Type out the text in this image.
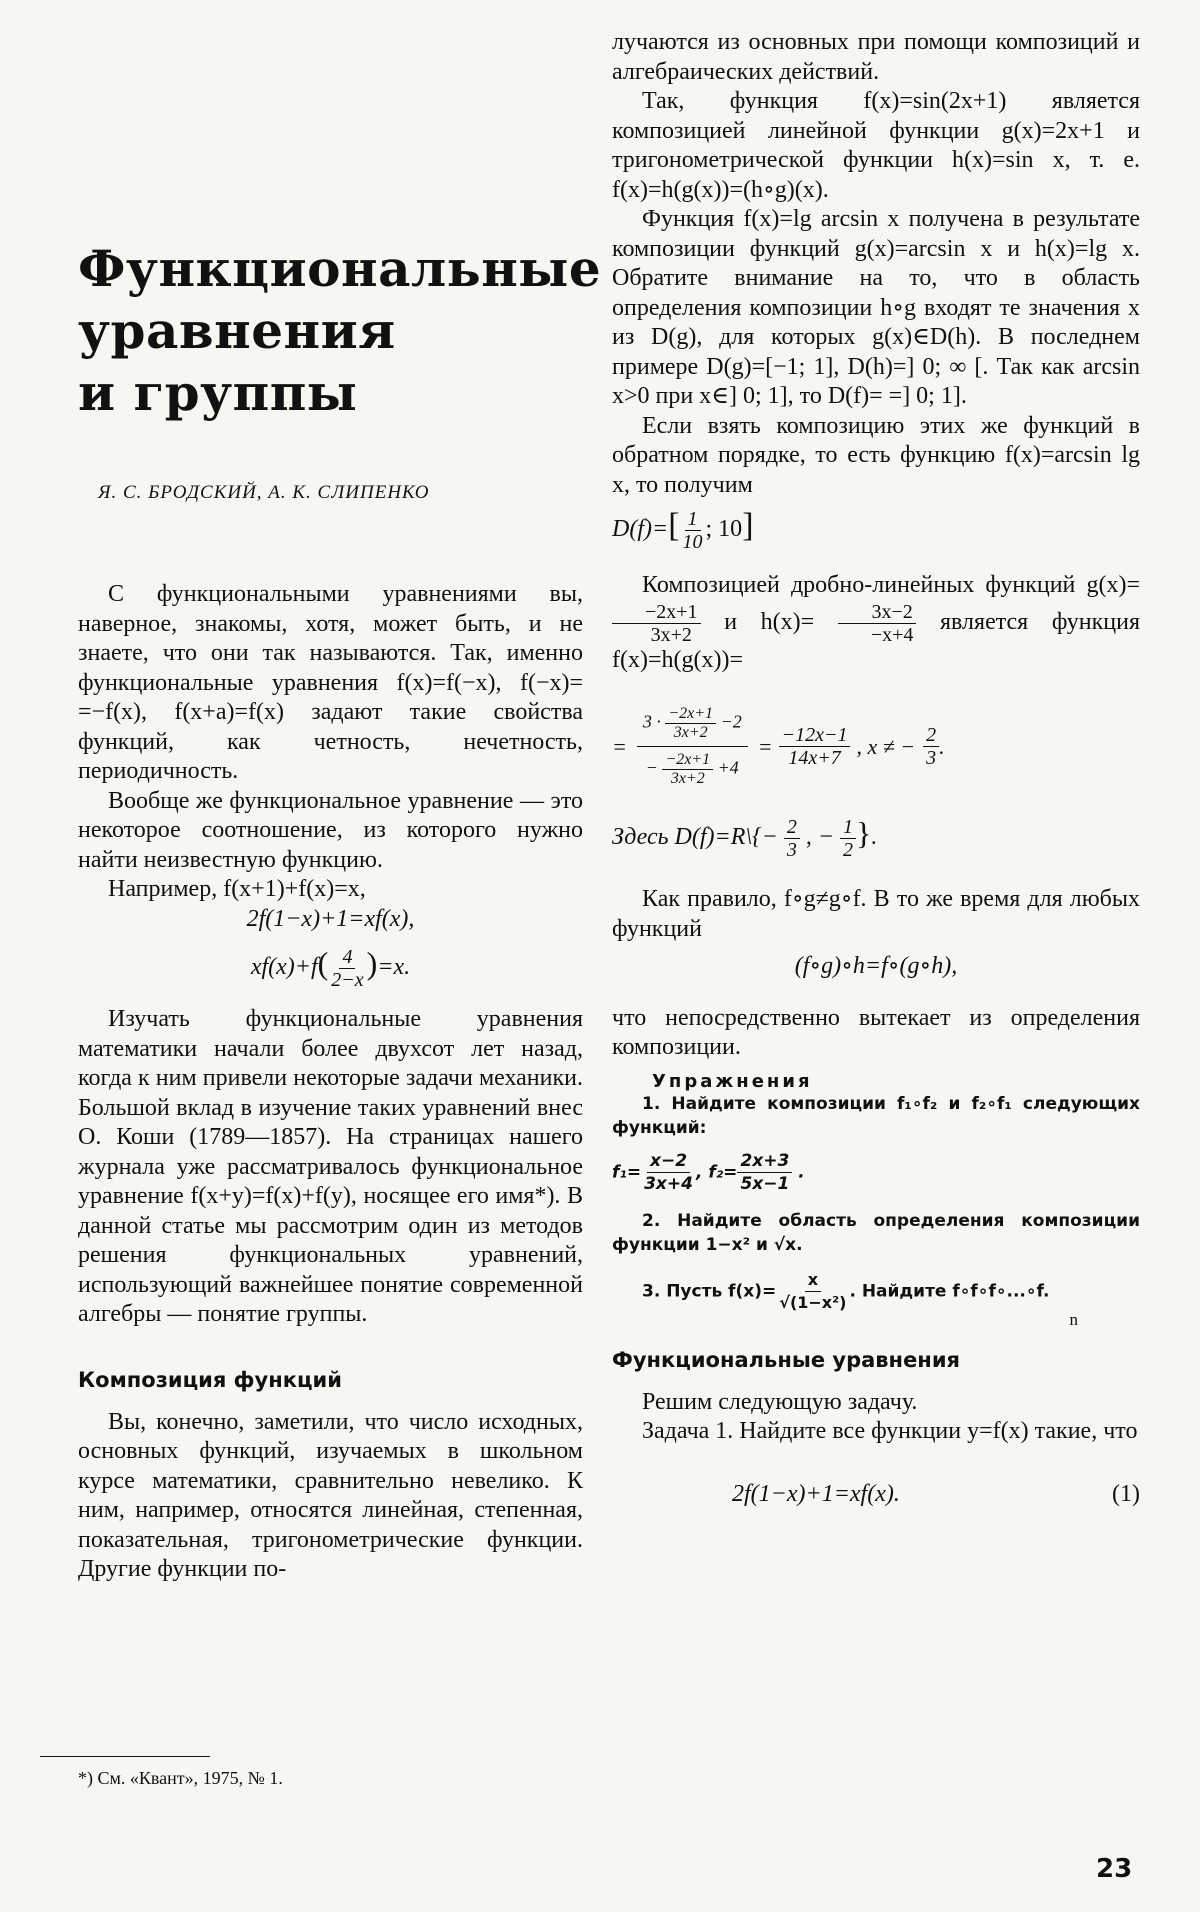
Функциональные
уравнения
и группы
Я. С. БРОДСКИЙ, А. К. СЛИПЕНКО

С функциональными уравнениями вы, наверное, знакомы, хотя, может быть, и не знаете, что они так называются. Так, именно функциональные уравнения f(x)=f(−x), f(−x)= =−f(x), f(x+a)=f(x) задают такие свойства функций, как четность, нечетность, периодичность.

Вообще же функциональное уравнение — это некоторое соотношение, из которого нужно найти неизвестную функцию.

Например, f(x+1)+f(x)=x,

2f(1−x)+1=xf(x),

$xf(x)+f( \frac{4}{2-x} )=x$.

Изучать функциональные уравнения математики начали более двухсот лет назад, когда к ним привели некоторые задачи механики. Большой вклад в изучение таких уравнений внес О. Коши (1789—1857). На страницах нашего журнала уже рассматривалось функциональное уравнение f(x+y)=f(x)+f(y), носящее его имя*). В данной статье мы рассмотрим один из методов решения функциональных уравнений, использующий важнейшее понятие современной алгебры — понятие группы.

Композиция функций

Вы, конечно, заметили, что число исходных, основных функций, изучаемых в школьном курсе математики, сравнительно невелико. К ним, например, относятся линейная, степенная, показательная, тригонометрические функции. Другие функции по-

*) См. «Квант», 1975, № 1.

лучаются из основных при помощи композиций и алгебраических действий.

Так, функция f(x)=sin(2x+1) является композицией линейной функции g(x)=2x+1 и тригонометрической функции h(x)=sin x, т. е. f(x)=h(g(x))=(h∘g)(x).

Функция f(x)=lg arcsin x получена в результате композиции функций g(x)=arcsin x и h(x)=lg x. Обратите внимание на то, что в область определения композиции h∘g входят те значения x из D(g), для которых g(x)∈D(h). В последнем примере D(g)=[−1; 1], D(h)=] 0; ∞ [. Так как arcsin x>0 при x∈] 0; 1], то D(f)= =] 0; 1].

Если взять композицию этих же функций в обратном порядке, то есть функцию f(x)=arcsin lg x, то получим

$D(f)=[ \frac{1}{10}$ ; 10]

Композицией дробно-линейных функций g(x)=
$\frac{-2x+1}{3x+2}$ и $h(x)= \frac{3x-2}{-x+4}$ является функция f(x)=h(g(x))=

= $\frac{3 \cdot \frac{-2x+1}{3x+2} -2}{- \frac{-2x+1}{3x+2} +4} = \frac{-12x-1}{14x+7}$ , x ≠ − $\frac{2}{3}$ .

Здесь D(f)=R\{− $\frac{2}{3}$ , − $\frac{1}{2}$ }.

Как правило, f∘g≠g∘f. В то же время для любых функций

(f∘g)∘h=f∘(g∘h),

что непосредственно вытекает из определения композиции.

Упражнения
1. Найдите композиции f₁∘f₂ и f₂∘f₁ следующих функций:
$f_1= \frac{x-2}{3x+4}$ , $f_2= \frac{2x+3}{5x-1}$ .
2. Найдите область определения композиции функции 1−x² и √x.
3. Пусть $f(x)= \frac{x}{\text{√(1−x²)}}$ . Найдите f∘f∘f∘...∘f.
n
Функциональные уравнения

Решим следующую задачу.

Задача 1. Найдите все функции y=f(x) такие, что

2f(1−x)+1=xf(x).	(1)
23
